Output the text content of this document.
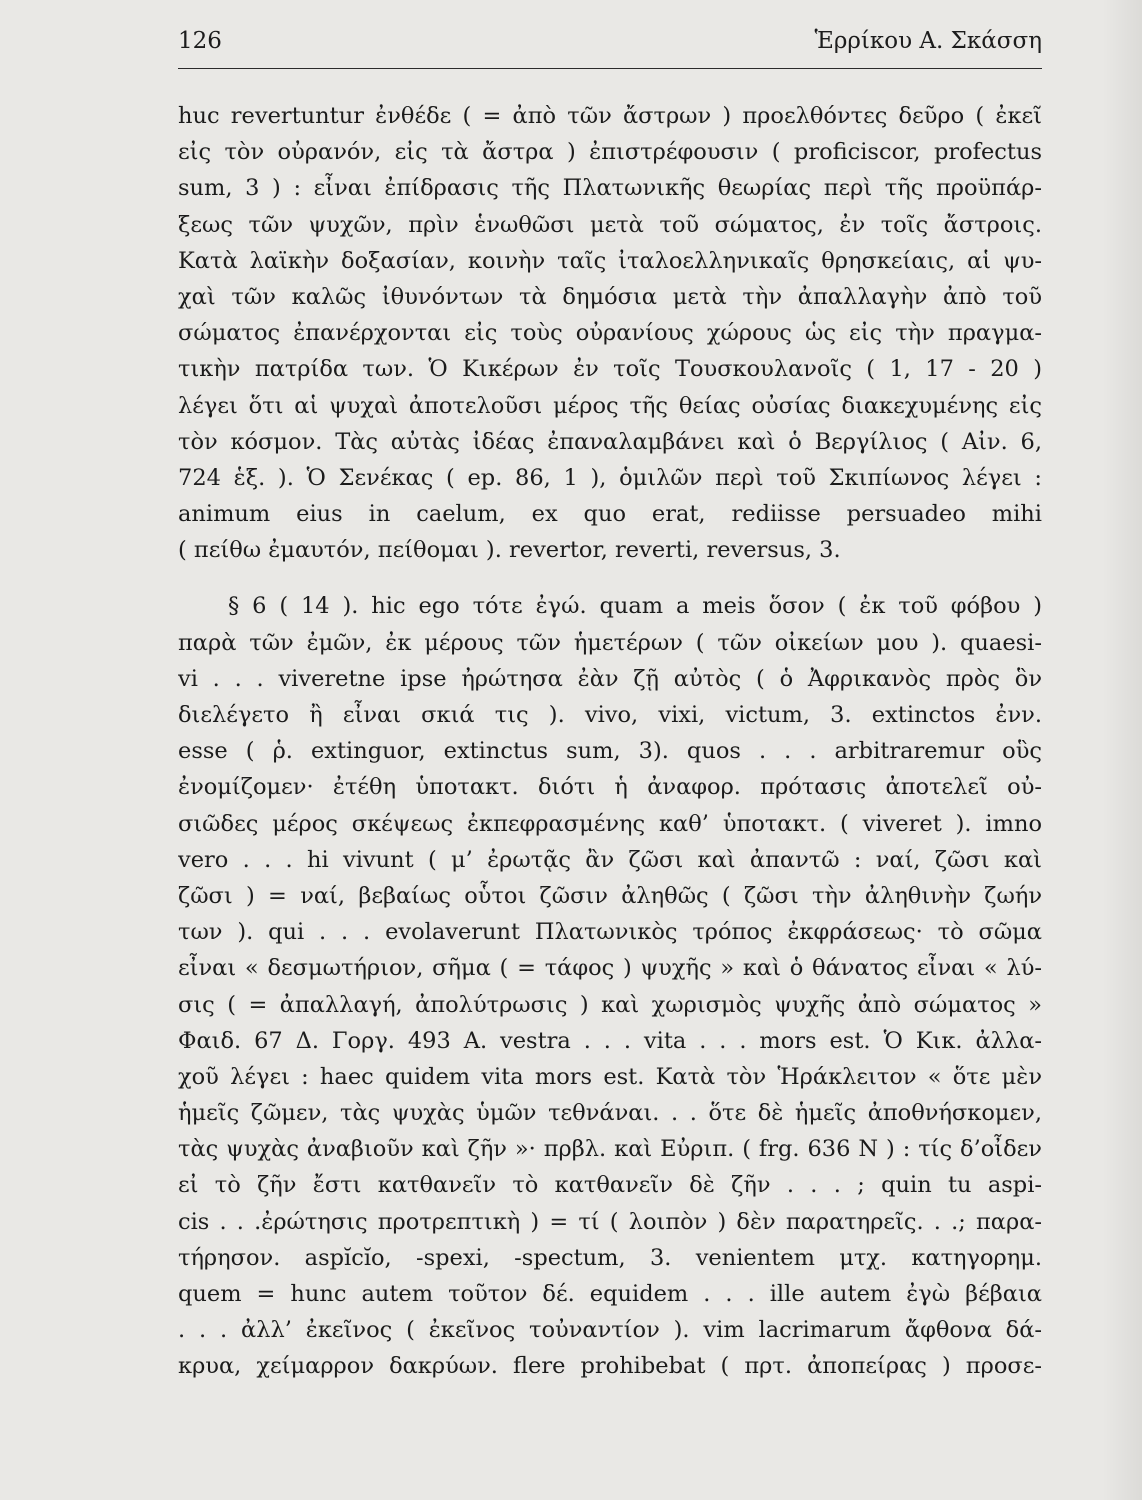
126	Ἑρρίκου Α. Σκάσση
huc revertuntur ἐνθέδε ( = ἀπὸ τῶν ἄστρων ) προελθόντες δεῦρο ( ἐκεῖ
εἰς τὸν οὐρανόν, εἰς τὰ ἄστρα ) ἐπιστρέφουσιν ( proficiscor, profectus
sum, 3 ) : εἶναι ἐπίδρασις τῆς Πλατωνικῆς θεωρίας περὶ τῆς προϋπάρ-
ξεως τῶν ψυχῶν, πρὶν ἑνωθῶσι μετὰ τοῦ σώματος, ἐν τοῖς ἄστροις.
Κατὰ λαϊκὴν δοξασίαν, κοινὴν ταῖς ἰταλοελληνικαῖς θρησκείαις, αἱ ψυ-
χαὶ τῶν καλῶς ἰθυνόντων τὰ δημόσια μετὰ τὴν ἀπαλλαγὴν ἀπὸ τοῦ
σώματος ἐπανέρχονται εἰς τοὺς οὐρανίους χώρους ὡς εἰς τὴν πραγμα-
τικὴν πατρίδα των. Ὁ Κικέρων ἐν τοῖς Τουσκουλανοῖς ( 1, 17 - 20 )
λέγει ὅτι αἱ ψυχαὶ ἀποτελοῦσι μέρος τῆς θείας οὐσίας διακεχυμένης εἰς
τὸν κόσμον. Τὰς αὐτὰς ἰδέας ἐπαναλαμβάνει καὶ ὁ Βεργίλιος ( Αἰν. 6,
724 ἑξ. ). Ὁ Σενέκας ( ep. 86, 1 ), ὁμιλῶν περὶ τοῦ Σκιπίωνος λέγει :
animum eius in caelum, ex quo erat, rediisse persuadeo mihi
( πείθω ἐμαυτόν, πείθομαι ). revertor, reverti, reversus, 3.
§ 6 ( 14 ). hic ego τότε ἐγώ. quam a meis ὅσον ( ἐκ τοῦ φόβου )
παρὰ τῶν ἐμῶν, ἐκ μέρους τῶν ἡμετέρων ( τῶν οἰκείων μου ). quaesi-
vi . . . viveretne ipse ἠρώτησα ἐὰν ζῇ αὐτὸς ( ὁ Ἀφρικανὸς πρὸς ὃν
διελέγετο ἢ εἶναι σκιά τις ). vivo, vixi, victum, 3. extinctos ἐνν.
esse ( ῥ. extinguor, extinctus sum, 3). quos . . . arbitraremur οὓς
ἐνομίζομεν· ἐτέθη ὑποτακτ. διότι ἡ ἀναφορ. πρότασις ἀποτελεῖ οὐ-
σιῶδες μέρος σκέψεως ἐκπεφρασμένης καθ’ ὑποτακτ. ( viveret ). imno
vero . . . hi vivunt ( μ’ ἐρωτᾷς ἂν ζῶσι καὶ ἀπαντῶ : ναί, ζῶσι καὶ
ζῶσι ) = ναί, βεβαίως οὗτοι ζῶσιν ἀληθῶς ( ζῶσι τὴν ἀληθινὴν ζωήν
των ). qui . . . evolaverunt Πλατωνικὸς τρόπος ἐκφράσεως· τὸ σῶμα
εἶναι « δεσμωτήριον, σῆμα ( = τάφος ) ψυχῆς » καὶ ὁ θάνατος εἶναι « λύ-
σις ( = ἀπαλλαγή, ἀπολύτρωσις ) καὶ χωρισμὸς ψυχῆς ἀπὸ σώματος »
Φαιδ. 67 Δ. Γοργ. 493 Α. vestra . . . vita . . . mors est. Ὁ Κικ. ἀλλα-
χοῦ λέγει : haec quidem vita mors est. Κατὰ τὸν Ἡράκλειτον « ὅτε μὲν
ἡμεῖς ζῶμεν, τὰς ψυχὰς ὑμῶν τεθνάναι. . . ὅτε δὲ ἡμεῖς ἀποθνήσκομεν,
τὰς ψυχὰς ἀναβιοῦν καὶ ζῆν »· πρβλ. καὶ Εὐριπ. ( frg. 636 N ) : τίς δ’οἶδεν
εἰ τὸ ζῆν ἔστι κατθανεῖν τὸ κατθανεῖν δὲ ζῆν . . . ; quin tu aspi-
cis . . .ἐρώτησις προτρεπτικὴ ) = τί ( λοιπὸν ) δὲν παρατηρεῖς. . .; παρα-
τήρησον. aspĭcĭo, -spexi, -spectum, 3. venientem μτχ. κατηγορημ.
quem = hunc autem τοῦτον δέ. equidem . . . ille autem ἐγὼ βέβαια
. . . ἀλλ’ ἐκεῖνος ( ἐκεῖνος τοὐναντίον ). vim lacrimarum ἄφθονα δά-
κρυα, χείμαρρον δακρύων. flere prohibebat ( πρτ. ἀποπείρας ) προσε-
